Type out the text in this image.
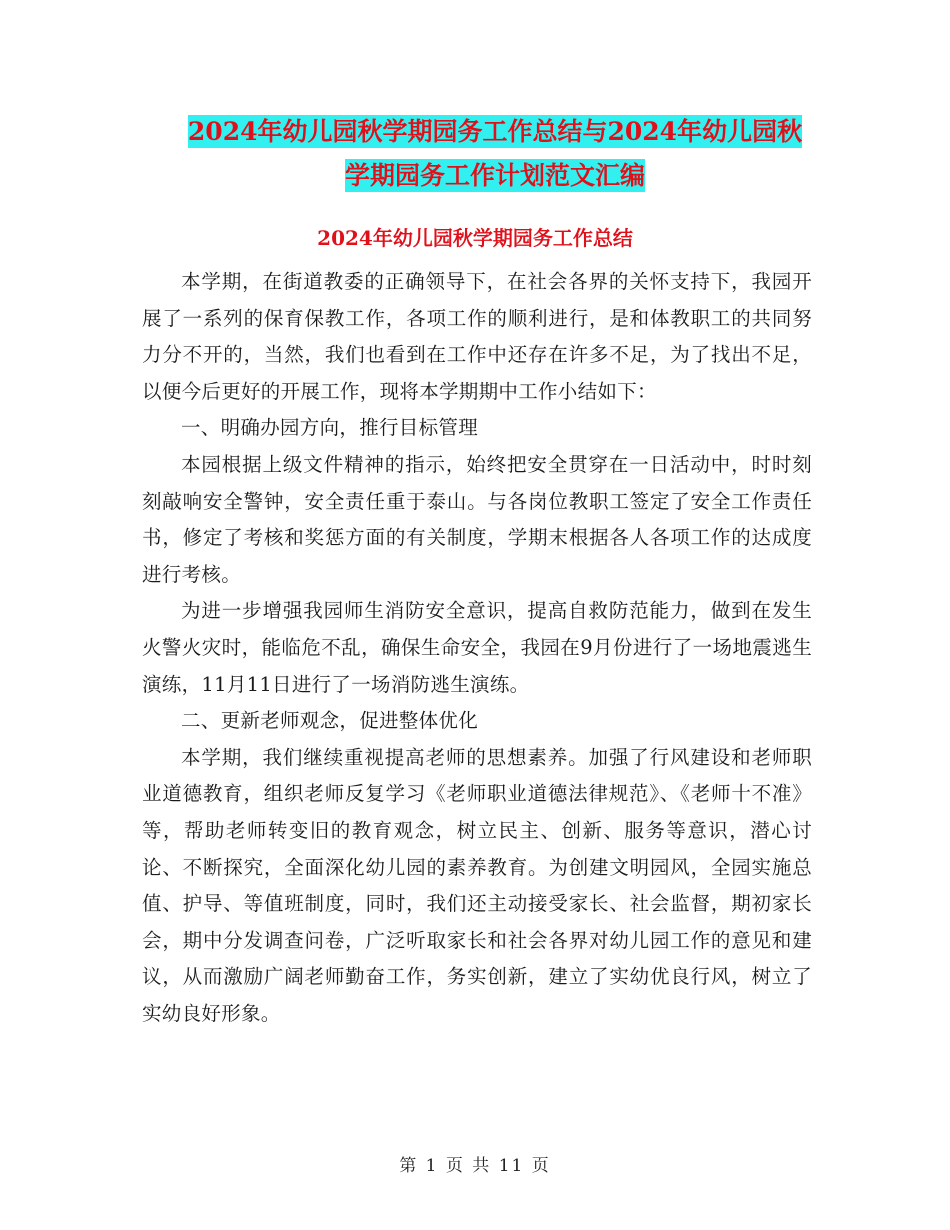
2024年幼儿园秋学期园务工作总结与2024年幼儿园秋
学期园务工作计划范文汇编
2024年幼儿园秋学期园务工作总结

本学期，在街道教委的正确领导下，在社会各界的关怀支持下，我园开展了一系列的保育保教工作，各项工作的顺利进行，是和体教职工的共同努力分不开的，当然，我们也看到在工作中还存在许多不足，为了找出不足，以便今后更好的开展工作，现将本学期期中工作小结如下：

一、明确办园方向，推行目标管理

本园根据上级文件精神的指示，始终把安全贯穿在一日活动中，时时刻刻敲响安全警钟，安全责任重于泰山。与各岗位教职工签定了安全工作责任书，修定了考核和奖惩方面的有关制度，学期末根据各人各项工作的达成度进行考核。

为进一步增强我园师生消防安全意识，提高自救防范能力，做到在发生火警火灾时，能临危不乱，确保生命安全，我园在9月份进行了一场地震逃生演练，11月11日进行了一场消防逃生演练。

二、更新老师观念，促进整体优化

本学期，我们继续重视提高老师的思想素养。加强了行风建设和老师职业道德教育，组织老师反复学习《老师职业道德法律规范》、《老师十不准》等，帮助老师转变旧的教育观念，树立民主、创新、服务等意识，潜心讨论、不断探究，全面深化幼儿园的素养教育。为创建文明园风，全园实施总值、护导、等值班制度，同时，我们还主动接受家长、社会监督，期初家长会，期中分发调查问卷，广泛听取家长和社会各界对幼儿园工作的意见和建议，从而激励广阔老师勤奋工作，务实创新，建立了实幼优良行风，树立了实幼良好形象。

第 1 页 共 11 页
